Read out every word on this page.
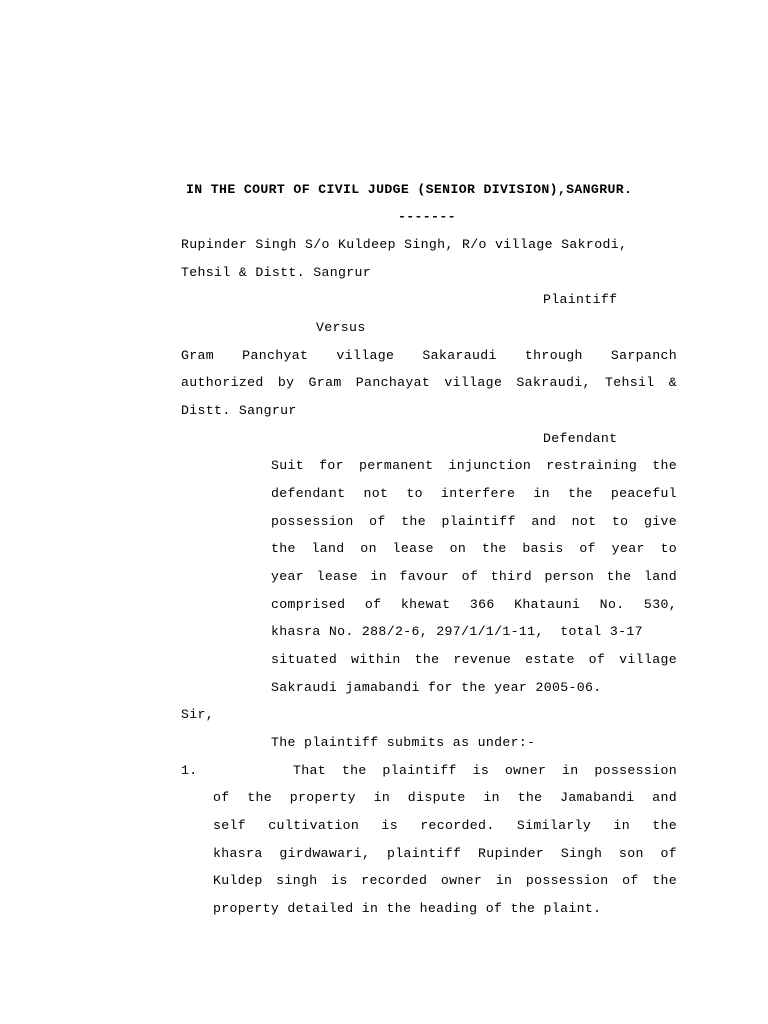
IN THE COURT OF CIVIL JUDGE (SENIOR DIVISION),SANGRUR.
-------
Rupinder Singh S/o Kuldeep Singh, R/o village Sakrodi,
Tehsil & Distt. Sangrur
Plaintiff
Versus
Gram Panchyat village Sakaraudi through Sarpanch
authorized by Gram Panchayat village Sakraudi, Tehsil &
Distt. Sangrur
Defendant
Suit for permanent injunction restraining the
defendant not to interfere in the peaceful
possession of the plaintiff and not to give
the land on lease on the basis of year to
year lease in favour of third person the land
comprised of khewat 366 Khatauni No. 530,
khasra No. 288/2-6, 297/1/1/1-11,  total 3-17
situated within the revenue estate of village
Sakraudi jamabandi for the year 2005-06.
Sir,
The plaintiff submits as under:-
1.	That the plaintiff is owner in possession
of the property in dispute in the Jamabandi and
self cultivation is recorded. Similarly in the
khasra girdwawari, plaintiff Rupinder Singh son of
Kuldep singh is recorded owner in possession of the
property detailed in the heading of the plaint.
